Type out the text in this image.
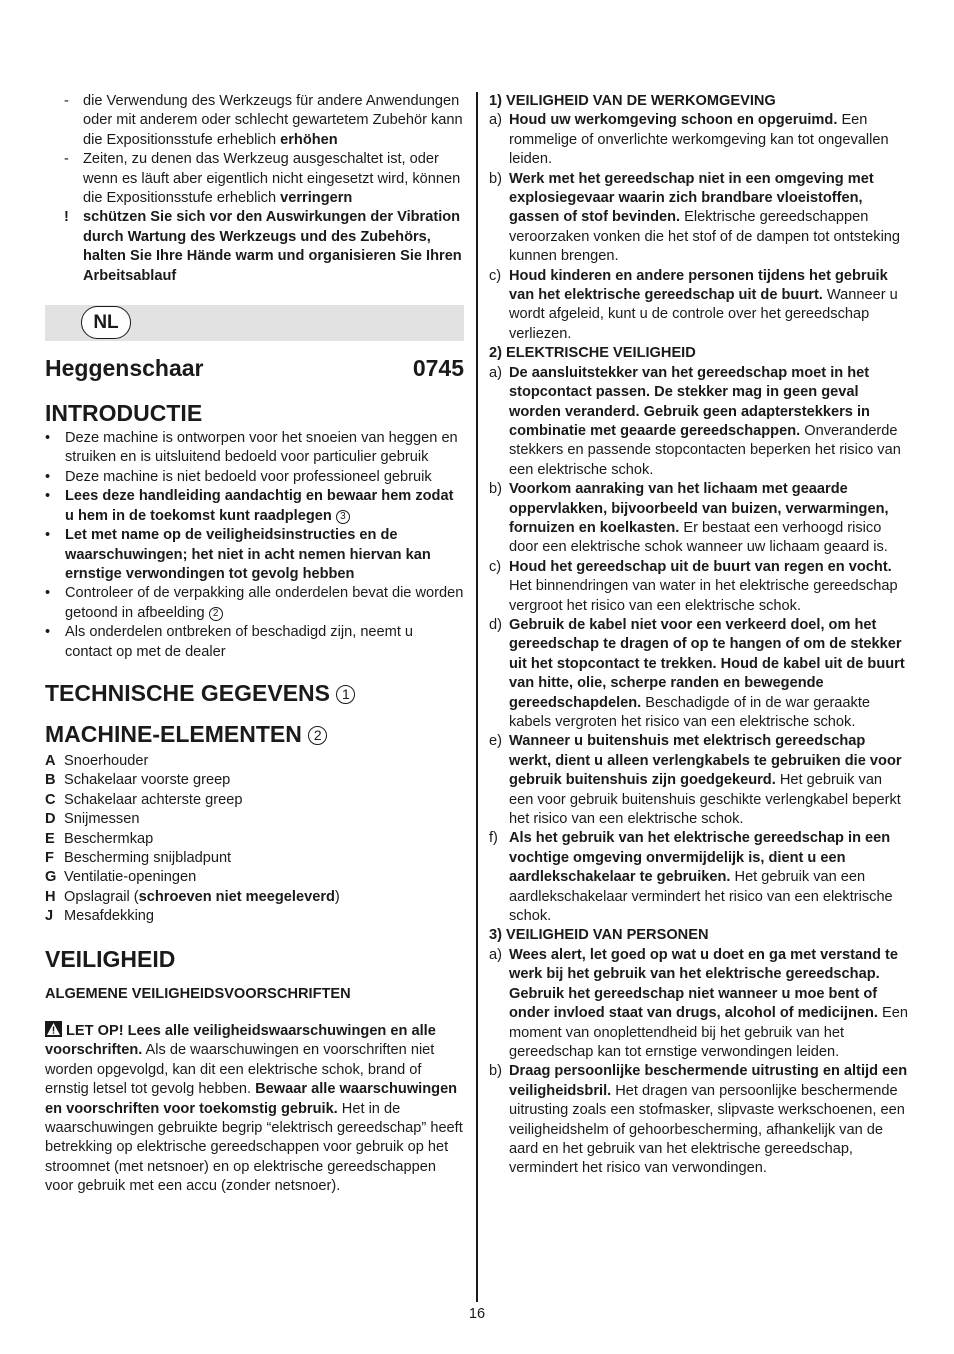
- die Verwendung des Werkzeugs für andere Anwendungen oder mit anderem oder schlecht gewartetem Zubehör kann die Expositionsstufe erheblich erhöhen
- Zeiten, zu denen das Werkzeug ausgeschaltet ist, oder wenn es läuft aber eigentlich nicht eingesetzt wird, können die Expositionsstufe erheblich verringern
! schützen Sie sich vor den Auswirkungen der Vibration durch Wartung des Werkzeugs und des Zubehörs, halten Sie Ihre Hände warm und organisieren Sie Ihren Arbeitsablauf
NL
Heggenschaar	0745
INTRODUCTIE
• Deze machine is ontworpen voor het snoeien van heggen en struiken en is uitsluitend bedoeld voor particulier gebruik
• Deze machine is niet bedoeld voor professioneel gebruik
• Lees deze handleiding aandachtig en bewaar hem zodat u hem in de toekomst kunt raadplegen 3
• Let met name op de veiligheidsinstructies en de waarschuwingen; het niet in acht nemen hiervan kan ernstige verwondingen tot gevolg hebben
• Controleer of de verpakking alle onderdelen bevat die worden getoond in afbeelding 2
• Als onderdelen ontbreken of beschadigd zijn, neemt u contact op met de dealer
TECHNISCHE GEGEVENS 1
MACHINE-ELEMENTEN 2
A Snoerhouder
B Schakelaar voorste greep
C Schakelaar achterste greep
D Snijmessen
E Beschermkap
F Bescherming snijbladpunt
G Ventilatie-openingen
H Opslagrail (schroeven niet meegeleverd)
J Mesafdekking
VEILIGHEID
ALGEMENE VEILIGHEIDSVOORSCHRIFTEN
LET OP! Lees alle veiligheidswaarschuwingen en alle voorschriften. Als de waarschuwingen en voorschriften niet worden opgevolgd, kan dit een elektrische schok, brand of ernstig letsel tot gevolg hebben. Bewaar alle waarschuwingen en voorschriften voor toekomstig gebruik. Het in de waarschuwingen gebruikte begrip “elektrisch gereedschap” heeft betrekking op elektrische gereedschappen voor gebruik op het stroomnet (met netsnoer) en op elektrische gereedschappen voor gebruik met een accu (zonder netsnoer).
1) VEILIGHEID VAN DE WERKOMGEVING
a) Houd uw werkomgeving schoon en opgeruimd. Een rommelige of onverlichte werkomgeving kan tot ongevallen leiden.
b) Werk met het gereedschap niet in een omgeving met explosiegevaar waarin zich brandbare vloeistoffen, gassen of stof bevinden. Elektrische gereedschappen veroorzaken vonken die het stof of de dampen tot ontsteking kunnen brengen.
c) Houd kinderen en andere personen tijdens het gebruik van het elektrische gereedschap uit de buurt. Wanneer u wordt afgeleid, kunt u de controle over het gereedschap verliezen.
2) ELEKTRISCHE VEILIGHEID
a) De aansluitstekker van het gereedschap moet in het stopcontact passen. De stekker mag in geen geval worden veranderd. Gebruik geen adapterstekkers in combinatie met geaarde gereedschappen. Onveranderde stekkers en passende stopcontacten beperken het risico van een elektrische schok.
b) Voorkom aanraking van het lichaam met geaarde oppervlakken, bijvoorbeeld van buizen, verwarmingen, fornuizen en koelkasten. Er bestaat een verhoogd risico door een elektrische schok wanneer uw lichaam geaard is.
c) Houd het gereedschap uit de buurt van regen en vocht. Het binnendringen van water in het elektrische gereedschap vergroot het risico van een elektrische schok.
d) Gebruik de kabel niet voor een verkeerd doel, om het gereedschap te dragen of op te hangen of om de stekker uit het stopcontact te trekken. Houd de kabel uit de buurt van hitte, olie, scherpe randen en bewegende gereedschapdelen. Beschadigde of in de war geraakte kabels vergroten het risico van een elektrische schok.
e) Wanneer u buitenshuis met elektrisch gereedschap werkt, dient u alleen verlengkabels te gebruiken die voor gebruik buitenshuis zijn goedgekeurd. Het gebruik van een voor gebruik buitenshuis geschikte verlengkabel beperkt het risico van een elektrische schok.
f) Als het gebruik van het elektrische gereedschap in een vochtige omgeving onvermijdelijk is, dient u een aardlekschakelaar te gebruiken. Het gebruik van een aardlekschakelaar vermindert het risico van een elektrische schok.
3) VEILIGHEID VAN PERSONEN
a) Wees alert, let goed op wat u doet en ga met verstand te werk bij het gebruik van het elektrische gereedschap. Gebruik het gereedschap niet wanneer u moe bent of onder invloed staat van drugs, alcohol of medicijnen. Een moment van onoplettendheid bij het gebruik van het gereedschap kan tot ernstige verwondingen leiden.
b) Draag persoonlijke beschermende uitrusting en altijd een veiligheidsbril. Het dragen van persoonlijke beschermende uitrusting zoals een stofmasker, slipvaste werkschoenen, een veiligheidshelm of gehoorbescherming, afhankelijk van de aard en het gebruik van het elektrische gereedschap, vermindert het risico van verwondingen.
16
